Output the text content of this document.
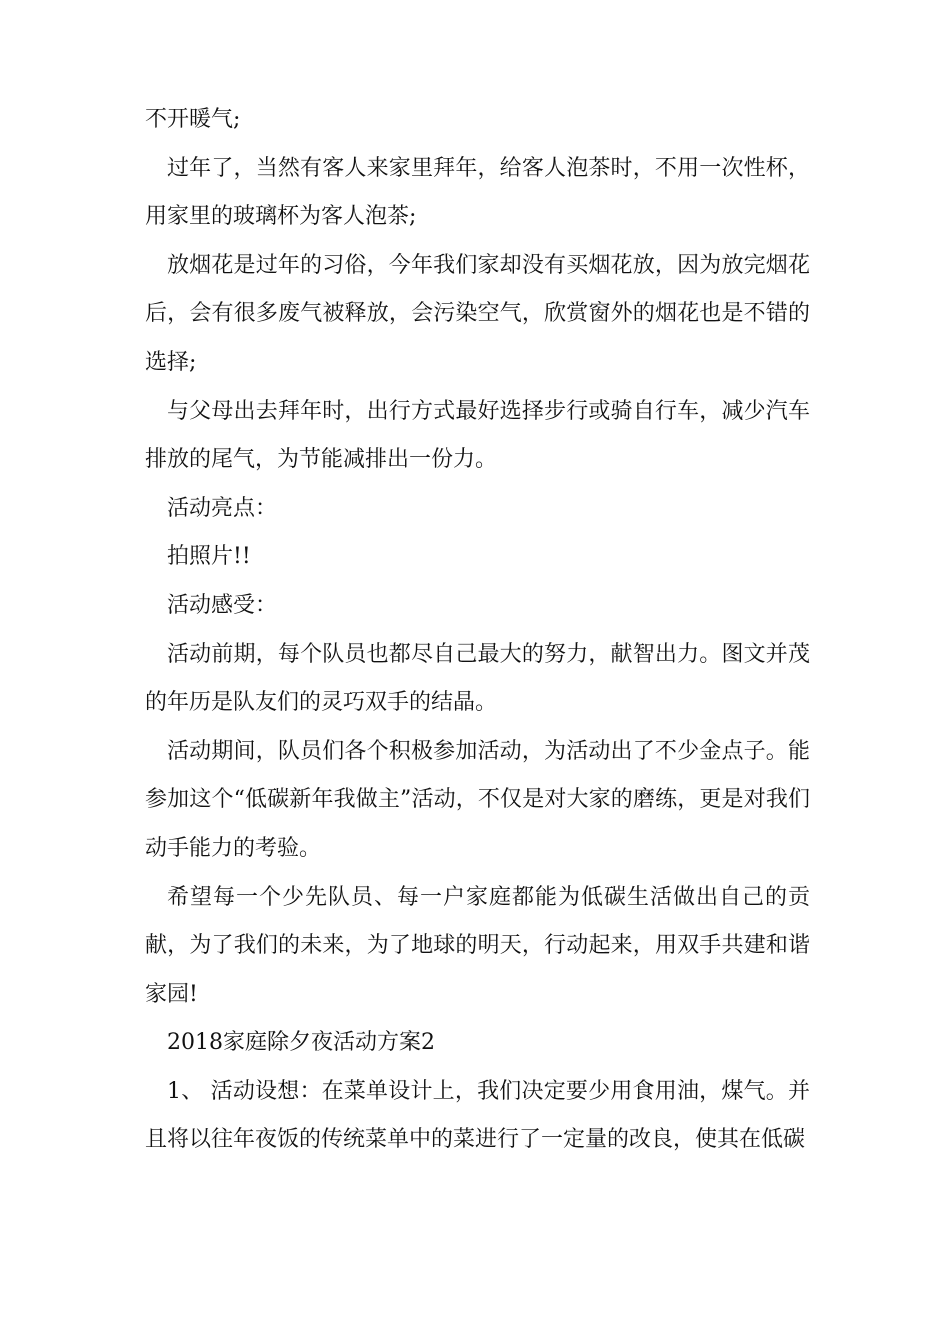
不开暖气;

过年了，当然有客人来家里拜年，给客人泡茶时，不用一次性杯，用家里的玻璃杯为客人泡茶;

放烟花是过年的习俗，今年我们家却没有买烟花放，因为放完烟花后，会有很多废气被释放，会污染空气，欣赏窗外的烟花也是不错的选择;

与父母出去拜年时，出行方式最好选择步行或骑自行车，减少汽车排放的尾气，为节能减排出一份力。

活动亮点：

拍照片!!

活动感受：

活动前期，每个队员也都尽自己最大的努力，献智出力。图文并茂的年历是队友们的灵巧双手的结晶。

活动期间，队员们各个积极参加活动，为活动出了不少金点子。能参加这个“低碳新年我做主”活动，不仅是对大家的磨练，更是对我们动手能力的考验。

希望每一个少先队员、每一户家庭都能为低碳生活做出自己的贡献，为了我们的未来，为了地球的明天，行动起来，用双手共建和谐家园!

2018家庭除夕夜活动方案2

1、 活动设想：在菜单设计上，我们决定要少用食用油，煤气。并且将以往年夜饭的传统菜单中的菜进行了一定量的改良，使其在低碳
